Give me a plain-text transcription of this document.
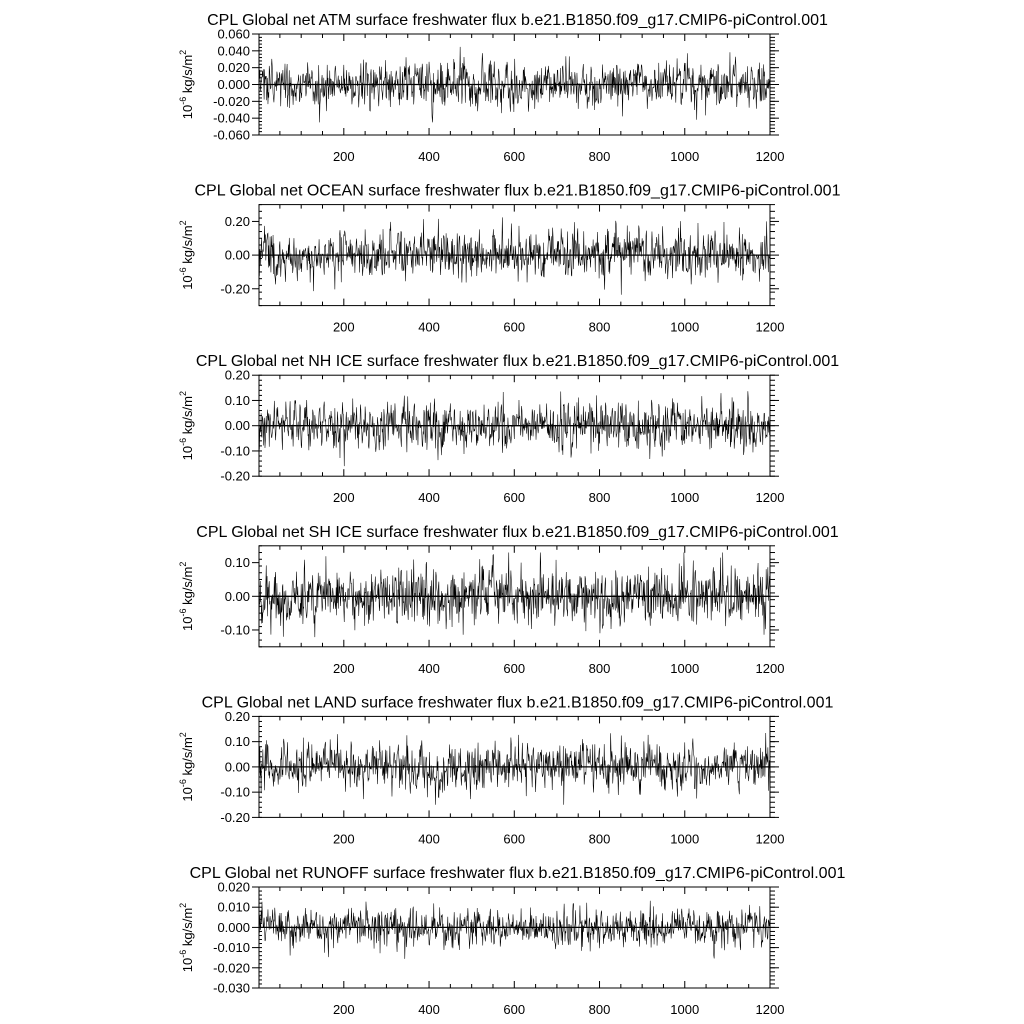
CPL Global net ATM surface freshwater flux b.e21.B1850.f09_g17.CMIP6-piControl.001
200	400	600	800	1000	1200
-0.060
-0.040
-0.020
0.000
0.020
0.040
0.060
$10^{-6}$ $kg/s/m^2$
CPL Global net OCEAN surface freshwater flux b.e21.B1850.f09_g17.CMIP6-piControl.001
200	400	600	800	1000	1200
-0.20
0.00
0.20
$10^{-6}$ $kg/s/m^2$
CPL Global net NH ICE surface freshwater flux b.e21.B1850.f09_g17.CMIP6-piControl.001
200	400	600	800	1000	1200
-0.20
-0.10
0.00
0.10
0.20
$10^{-6}$ $kg/s/m^2$
CPL Global net SH ICE surface freshwater flux b.e21.B1850.f09_g17.CMIP6-piControl.001
200	400	600	800	1000	1200
-0.10
0.00
0.10
$10^{-6}$ $kg/s/m^2$
CPL Global net LAND surface freshwater flux b.e21.B1850.f09_g17.CMIP6-piControl.001
200	400	600	800	1000	1200
-0.20
-0.10
0.00
0.10
0.20
$10^{-6}$ $kg/s/m^2$
CPL Global net RUNOFF surface freshwater flux b.e21.B1850.f09_g17.CMIP6-piControl.001
200	400	600	800	1000	1200
-0.030
-0.020
-0.010
0.000
0.010
0.020
$10^{-6}$ $kg/s/m^2$
